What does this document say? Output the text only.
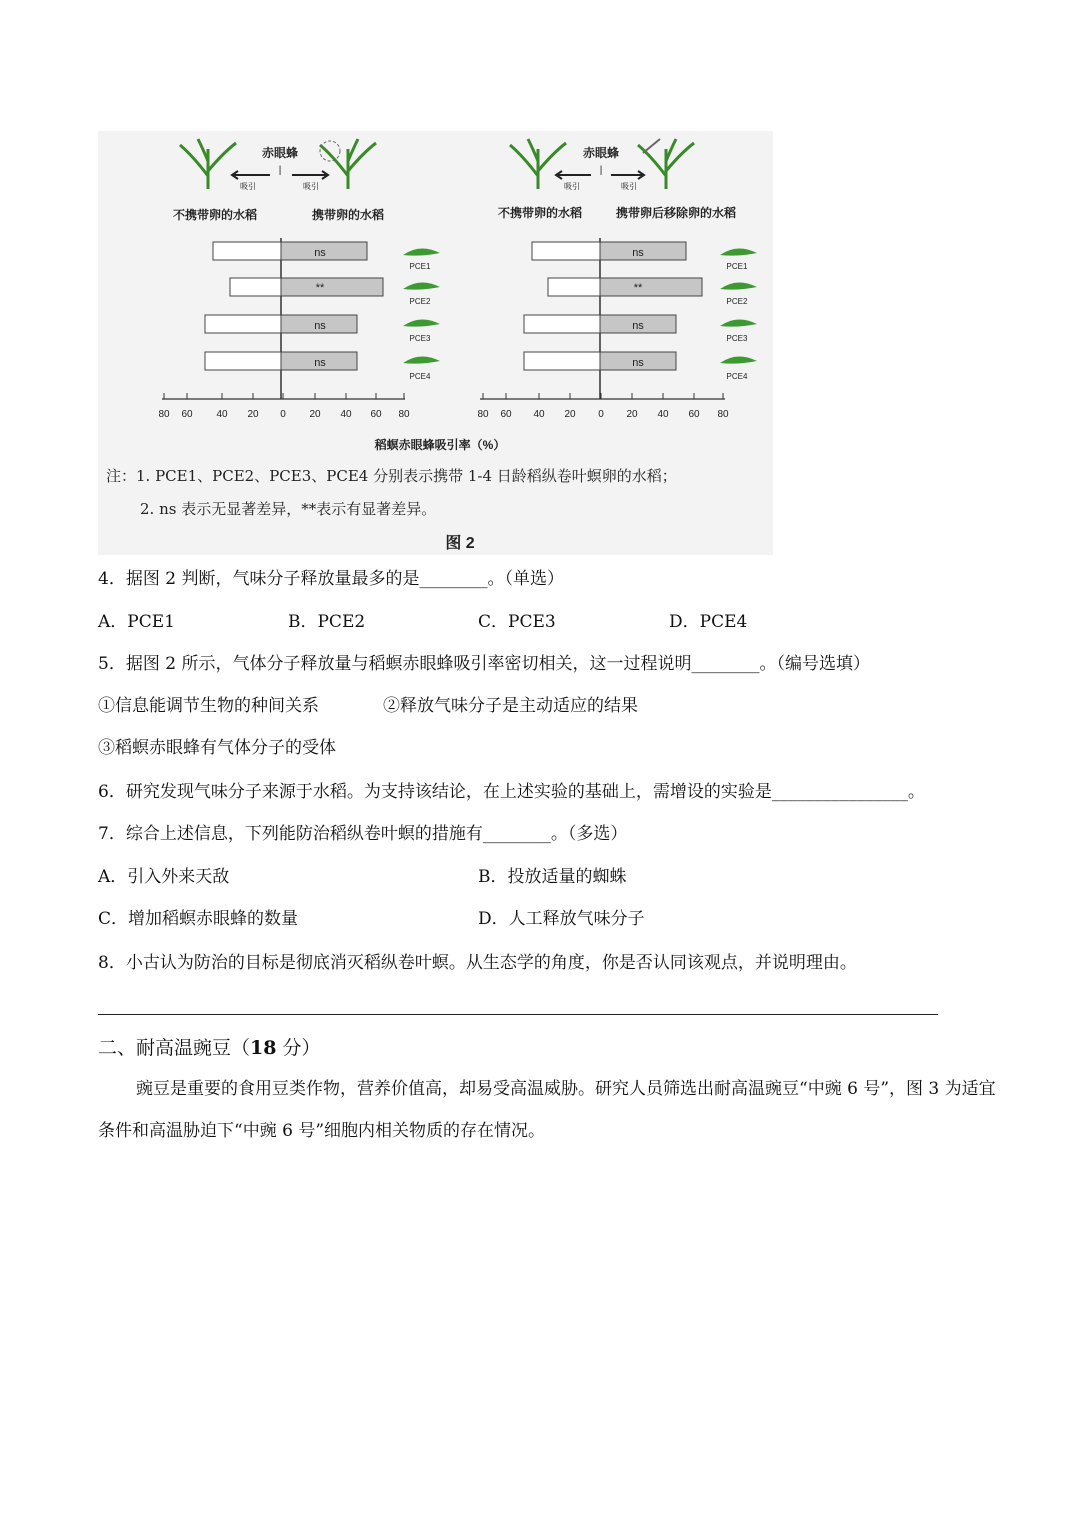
赤眼蜂
|
吸引	吸引
不携带卵的水稻	携带卵的水稻
赤眼蜂
|
吸引	吸引
不携带卵的水稻	携带卵后移除卵的水稻
ns
**
ns
ns
80 60 40 20 0 20 40 60 80
PCE1
PCE2
PCE3
PCE4
ns
**
ns
ns
80 60 40 20 0 20 40 60 80
PCE1
PCE2
PCE3
PCE4
稻螟赤眼蜂吸引率（%）
注：1. PCE1、PCE2、PCE3、PCE4 分别表示携带 1-4 日龄稻纵卷叶螟卵的水稻；
2. ns 表示无显著差异，**表示有显著差异。
图 2
4．据图 2 判断，气味分子释放量最多的是________。（单选）
A．PCE1	B．PCE2	C．PCE3	D．PCE4
5．据图 2 所示，气体分子释放量与稻螟赤眼蜂吸引率密切相关，这一过程说明________。（编号选填）
①信息能调节生物的种间关系	②释放气味分子是主动适应的结果
③稻螟赤眼蜂有气体分子的受体
6．研究发现气味分子来源于水稻。为支持该结论，在上述实验的基础上，需增设的实验是________________。
7．综合上述信息，下列能防治稻纵卷叶螟的措施有________。（多选）
A．引入外来天敌	B．投放适量的蜘蛛
C．增加稻螟赤眼蜂的数量	D．人工释放气味分子
8．小古认为防治的目标是彻底消灭稻纵卷叶螟。从生态学的角度，你是否认同该观点，并说明理由。
二、耐高温豌豆（18 分）
豌豆是重要的食用豆类作物，营养价值高，却易受高温威胁。研究人员筛选出耐高温豌豆“中豌 6 号”，图 3 为适宜条件和高温胁迫下“中豌 6 号”细胞内相关物质的存在情况。
